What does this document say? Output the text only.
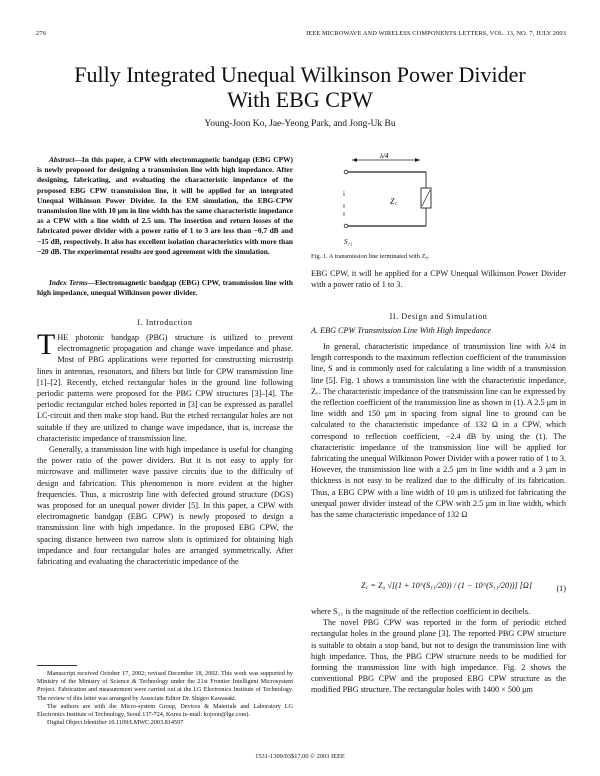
276	IEEE MICROWAVE AND WIRELESS COMPONENTS LETTERS, VOL. 13, NO. 7, JULY 2003
Fully Integrated Unequal Wilkinson Power Divider
With EBG CPW
Young-Joon Ko, Jae-Yeong Park, and Jong-Uk Bu
Abstract—In this paper, a CPW with electromagnetic bandgap (EBG CPW) is newly proposed for designing a transmission line with high impedance. After designing, fabricating, and evaluating the characteristic impedance of the proposed EBG CPW transmission line, it will be applied for an integrated Unequal Wilkinson Power Divider. In the EM simulation, the EBG-CPW transmission line with 10 μm in line width has the same characteristic impedance as a CPW with a line width of 2.5 um. The insertion and return losses of the fabricated power divider with a power ratio of 1 to 3 are less than −0.7 dB and −15 dB, respectively. It also has excellent isolation characteristics with more than −20 dB. The experimental results are good agreement with the simulation.
Index Terms—Electromagnetic bandgap (EBG) CPW, transmission line with high impedance, unequal Wilkinson power divider.
I. Introduction

THE photonic bandgap (PBG) structure is utilized to prevent electromagnetic propagation and change wave impedance and phase. Most of PBG applications were reported for constructing microstrip lines in antennas, resonators, and filters but little for CPW transmission line [1]–[2]. Recently, etched rectangular holes in the ground line following periodic patterns were proposed for the PBG CPW structures [3]–[4]. The periodic rectangular etched holes reported in [3] can be expressed as parallel LC-circuit and then make stop band. But the etched rectangular holes are not suitable if they are utilized to change wave impedance, that is, increase the characteristic impedance of transmission line.

Generally, a transmission line with high impedance is useful for changing the power ratio of the power dividers. But it is not easy to apply for microwave and millimeter wave passive circuits due to the difficulty of design and fabrication. This phenomenon is more evident at the higher frequencies. Thus, a microstrip line with defected ground structure (DGS) was proposed for an unequal power divider [5]. In this paper, a CPW with electromagnetic bandgap (EBG CPW) is newly proposed to design a transmission line with high impedance. In the proposed EBG CPW, the spacing distance between two narrow slots is optimized for obtaining high impedance and four rectangular holes are arranged symmetrically. After fabricating and evaluating the characteristic impedance of the

Manuscript received October 17, 2002; revised December 18, 2002. This work was supported by Ministry of the Ministry of Science & Technology under the 21st Frontier Intelligent Microsystem Project. Fabrication and measurement were carried out at the LG Electronics Institute of Technology. The review of this letter was arranged by Associate Editor Dr. Shigeo Kawasaki.

The authors are with the Micro-system Group, Devices & Materials and Laboratory LG Electronics Institute of Technology, Seoul 137-724, Korea (e-mail: kojoon@lge.com).

Digital Object Identifier 10.1109/LMWC.2003.814597

λ/4
i
Z꜀
S₁₁
Fig. 1. A transmission line terminated with Z₀.

EBG CPW, it will be applied for a CPW Unequal Wilkinson Power Divider with a power ratio of 1 to 3.

II. Design and Simulation
A. EBG CPW Transmission Line With High Impedance

In general, characteristic impedance of transmission line with λ/4 in length corresponds to the maximum reflection coefficient of the transmission line, S and is commonly used for calculating a line width of a transmission line [5]. Fig. 1 shows a transmission line with the characteristic impedance, Z꜀. The characteristic impedance of the transmission line can be expressed by the reflection coefficient of the transmission line as shown in (1). A 2.5 μm in line width and 150 μm in spacing from signal line to ground can be calculated to the characteristic impedance of 132 Ω in a CPW, which correspond to reflection coefficient, −2.4 dB by using the (1). The characteristic impedance of the transmission line will be applied for fabricating the unequal Wilkinson Power Divider with a power ratio of 1 to 3. However, the transmission line with a 2.5 μm in line width and a 3 μm in thickness is not easy to be realized due to the difficulty of its fabrication. Thus, a EBG CPW with a line width of 10 μm is utilized for fabricating the unequal power divider instead of the CPW with 2.5 μm in line width, which has the same characteristic impedance of 132 Ω

Z꜀ = Z₀ √[(1 + 10^(S₁₁/20)) / (1 − 10^(S₁₁/20))] [Ω]	(1)

where S₁₁ is the magnitude of the reflection coefficient in decibels.

The novel PBG CPW was reported in the form of periodic etched rectangular holes in the ground plane [3]. The reported PBG CPW structure is suitable to obtain a stop band, but not to design the transmission line with high impedance. Thus, the PBG CPW structure needs to be modified for forming the transmission line with high impedance. Fig. 2 shows the conventional PBG CPW and the proposed EBG CPW structure as the modified PBG structure. The rectangular holes with 1400 × 500 μm

1531-1309/03$17.00 © 2003 IEEE
